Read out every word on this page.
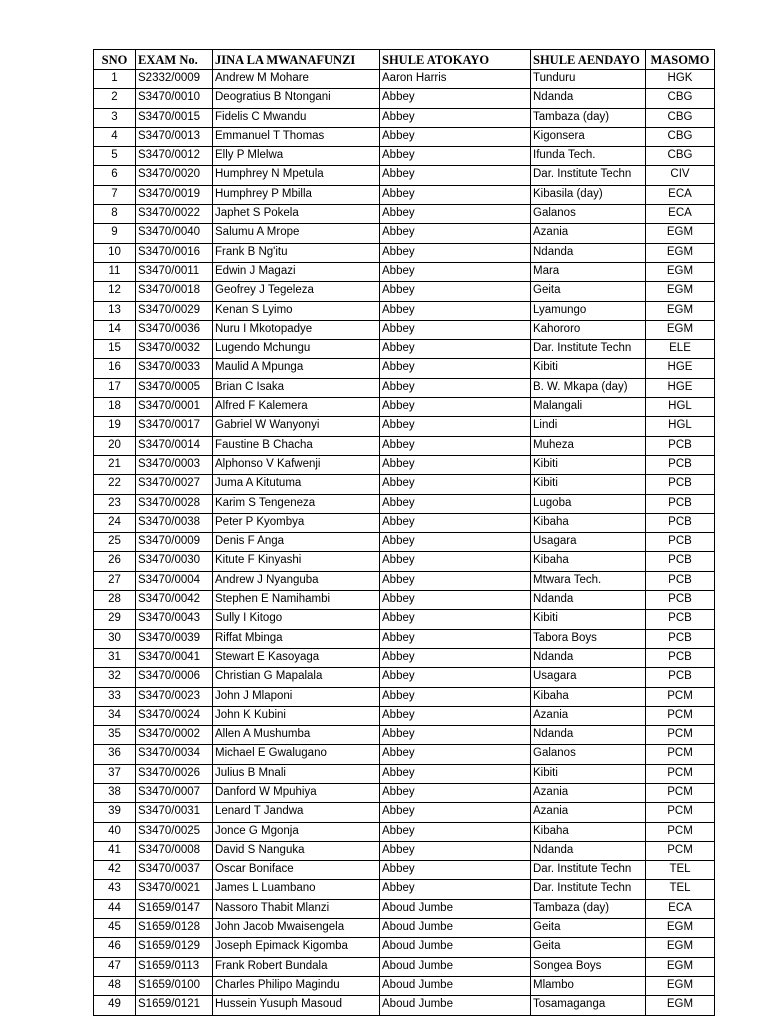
SNO	EXAM No.	JINA LA MWANAFUNZI	SHULE ATOKAYO	SHULE AENDAYO	MASOMO
1	S2332/0009	Andrew M Mohare	Aaron Harris	Tunduru	HGK
2	S3470/0010	Deogratius B Ntongani	Abbey	Ndanda	CBG
3	S3470/0015	Fidelis C Mwandu	Abbey	Tambaza (day)	CBG
4	S3470/0013	Emmanuel T Thomas	Abbey	Kigonsera	CBG
5	S3470/0012	Elly P Mlelwa	Abbey	Ifunda Tech.	CBG
6	S3470/0020	Humphrey N Mpetula	Abbey	Dar. Institute Techn	CIV
7	S3470/0019	Humphrey P Mbilla	Abbey	Kibasila (day)	ECA
8	S3470/0022	Japhet S Pokela	Abbey	Galanos	ECA
9	S3470/0040	Salumu A Mrope	Abbey	Azania	EGM
10	S3470/0016	Frank B Ng'itu	Abbey	Ndanda	EGM
11	S3470/0011	Edwin J Magazi	Abbey	Mara	EGM
12	S3470/0018	Geofrey J Tegeleza	Abbey	Geita	EGM
13	S3470/0029	Kenan S Lyimo	Abbey	Lyamungo	EGM
14	S3470/0036	Nuru I Mkotopadye	Abbey	Kahororo	EGM
15	S3470/0032	Lugendo Mchungu	Abbey	Dar. Institute Techn	ELE
16	S3470/0033	Maulid A Mpunga	Abbey	Kibiti	HGE
17	S3470/0005	Brian C Isaka	Abbey	B. W. Mkapa (day)	HGE
18	S3470/0001	Alfred F Kalemera	Abbey	Malangali	HGL
19	S3470/0017	Gabriel W Wanyonyi	Abbey	Lindi	HGL
20	S3470/0014	Faustine B Chacha	Abbey	Muheza	PCB
21	S3470/0003	Alphonso V Kafwenji	Abbey	Kibiti	PCB
22	S3470/0027	Juma A Kitutuma	Abbey	Kibiti	PCB
23	S3470/0028	Karim S Tengeneza	Abbey	Lugoba	PCB
24	S3470/0038	Peter P Kyombya	Abbey	Kibaha	PCB
25	S3470/0009	Denis F Anga	Abbey	Usagara	PCB
26	S3470/0030	Kitute F Kinyashi	Abbey	Kibaha	PCB
27	S3470/0004	Andrew J Nyanguba	Abbey	Mtwara Tech.	PCB
28	S3470/0042	Stephen E Namihambi	Abbey	Ndanda	PCB
29	S3470/0043	Sully I Kitogo	Abbey	Kibiti	PCB
30	S3470/0039	Riffat Mbinga	Abbey	Tabora Boys	PCB
31	S3470/0041	Stewart E Kasoyaga	Abbey	Ndanda	PCB
32	S3470/0006	Christian G Mapalala	Abbey	Usagara	PCB
33	S3470/0023	John J Mlaponi	Abbey	Kibaha	PCM
34	S3470/0024	John K Kubini	Abbey	Azania	PCM
35	S3470/0002	Allen A Mushumba	Abbey	Ndanda	PCM
36	S3470/0034	Michael E Gwalugano	Abbey	Galanos	PCM
37	S3470/0026	Julius B Mnali	Abbey	Kibiti	PCM
38	S3470/0007	Danford W Mpuhiya	Abbey	Azania	PCM
39	S3470/0031	Lenard T Jandwa	Abbey	Azania	PCM
40	S3470/0025	Jonce G Mgonja	Abbey	Kibaha	PCM
41	S3470/0008	David S Nanguka	Abbey	Ndanda	PCM
42	S3470/0037	Oscar Boniface	Abbey	Dar. Institute Techn	TEL
43	S3470/0021	James L Luambano	Abbey	Dar. Institute Techn	TEL
44	S1659/0147	Nassoro Thabit Mlanzi	Aboud Jumbe	Tambaza (day)	ECA
45	S1659/0128	John Jacob Mwaisengela	Aboud Jumbe	Geita	EGM
46	S1659/0129	Joseph Epimack Kigomba	Aboud Jumbe	Geita	EGM
47	S1659/0113	Frank Robert Bundala	Aboud Jumbe	Songea Boys	EGM
48	S1659/0100	Charles Philipo Magindu	Aboud Jumbe	Mlambo	EGM
49	S1659/0121	Hussein Yusuph Masoud	Aboud Jumbe	Tosamaganga	EGM
